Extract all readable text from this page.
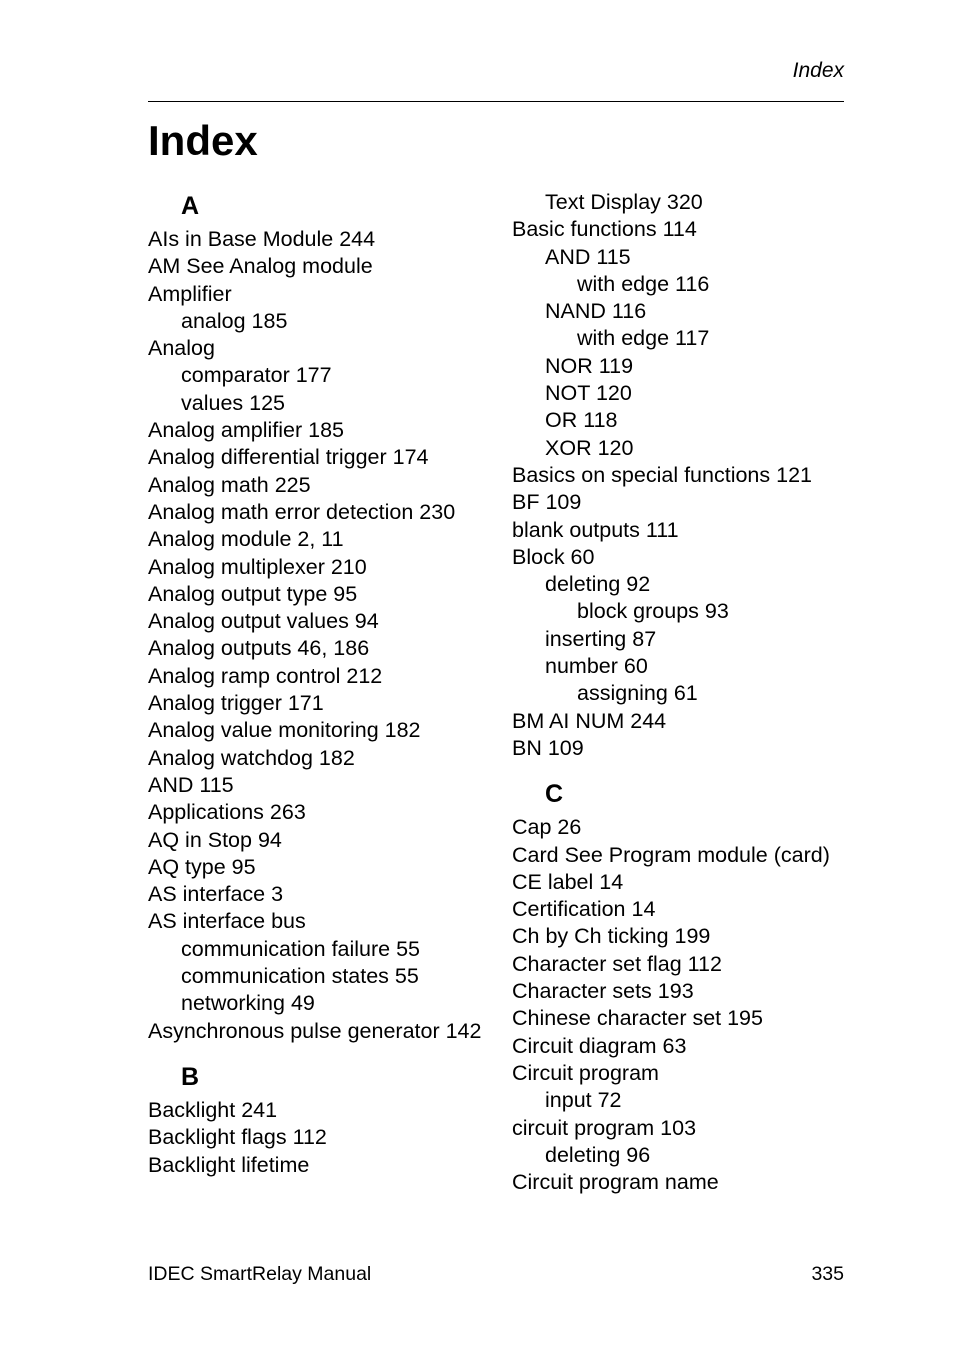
Index
Index
A
AIs in Base Module 244
AM See Analog module
Amplifier
analog 185
Analog
comparator 177
values 125
Analog amplifier 185
Analog differential trigger 174
Analog math 225
Analog math error detection 230
Analog module 2, 11
Analog multiplexer 210
Analog output type 95
Analog output values 94
Analog outputs 46, 186
Analog ramp control 212
Analog trigger 171
Analog value monitoring 182
Analog watchdog 182
AND 115
Applications 263
AQ in Stop 94
AQ type 95
AS interface 3
AS interface bus
communication failure 55
communication states 55
networking 49
Asynchronous pulse generator 142
B
Backlight 241
Backlight flags 112
Backlight lifetime
Text Display 320
Basic functions 114
AND 115
with edge 116
NAND 116
with edge 117
NOR 119
NOT 120
OR 118
XOR 120
Basics on special functions 121
BF 109
blank outputs 111
Block 60
deleting 92
block groups 93
inserting 87
number 60
assigning 61
BM AI NUM 244
BN 109
C
Cap 26
Card See Program module (card)
CE label 14
Certification 14
Ch by Ch ticking 199
Character set flag 112
Character sets 193
Chinese character set 195
Circuit diagram 63
Circuit program
input 72
circuit program 103
deleting 96
Circuit program name
IDEC SmartRelay Manual	335
